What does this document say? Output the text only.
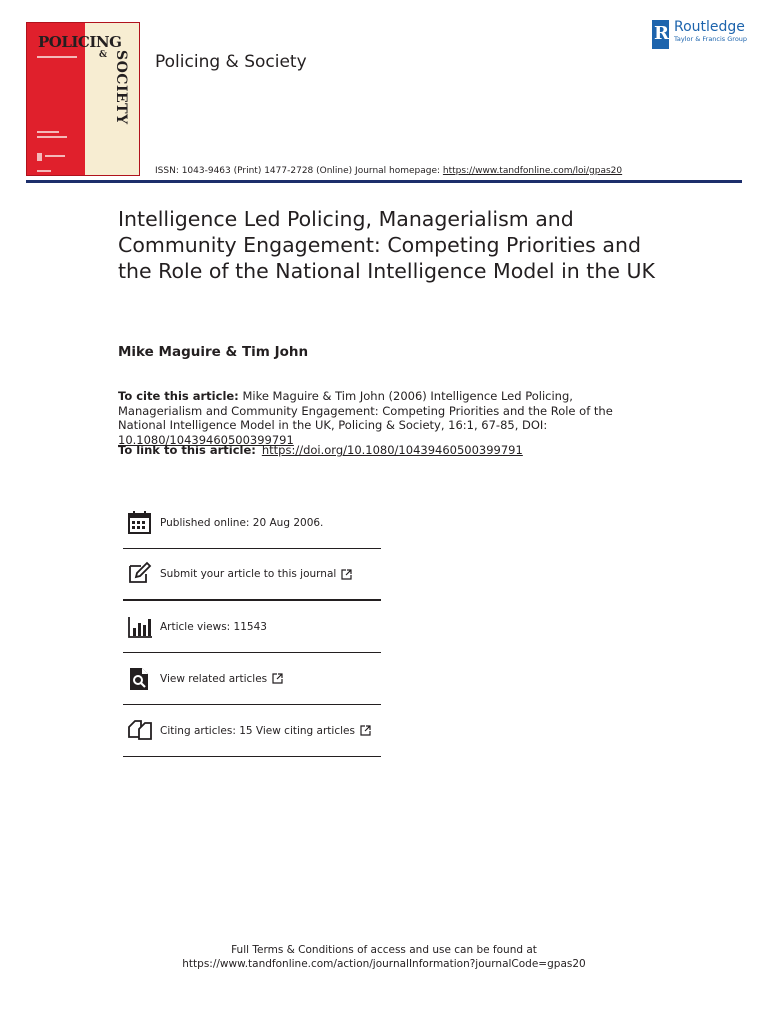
POLICING
& SOCIETY Policing & Society
R Routledge
Taylor & Francis Group
ISSN: 1043-9463 (Print) 1477-2728 (Online) Journal homepage: https://www.tandfonline.com/loi/gpas20
Intelligence Led Policing, Managerialism and Community Engagement: Competing Priorities and the Role of the National Intelligence Model in the UK
Mike Maguire & Tim John
To cite this article: Mike Maguire & Tim John (2006) Intelligence Led Policing, Managerialism and Community Engagement: Competing Priorities and the Role of the National Intelligence Model in the UK, Policing & Society, 16:1, 67-85, DOI: 10.1080/10439460500399791
To link to this article: https://doi.org/10.1080/10439460500399791
Published online: 20 Aug 2006.
Submit your article to this journal
Article views: 11543
View related articles
Citing articles: 15 View citing articles
Full Terms & Conditions of access and use can be found at
https://www.tandfonline.com/action/journalInformation?journalCode=gpas20
